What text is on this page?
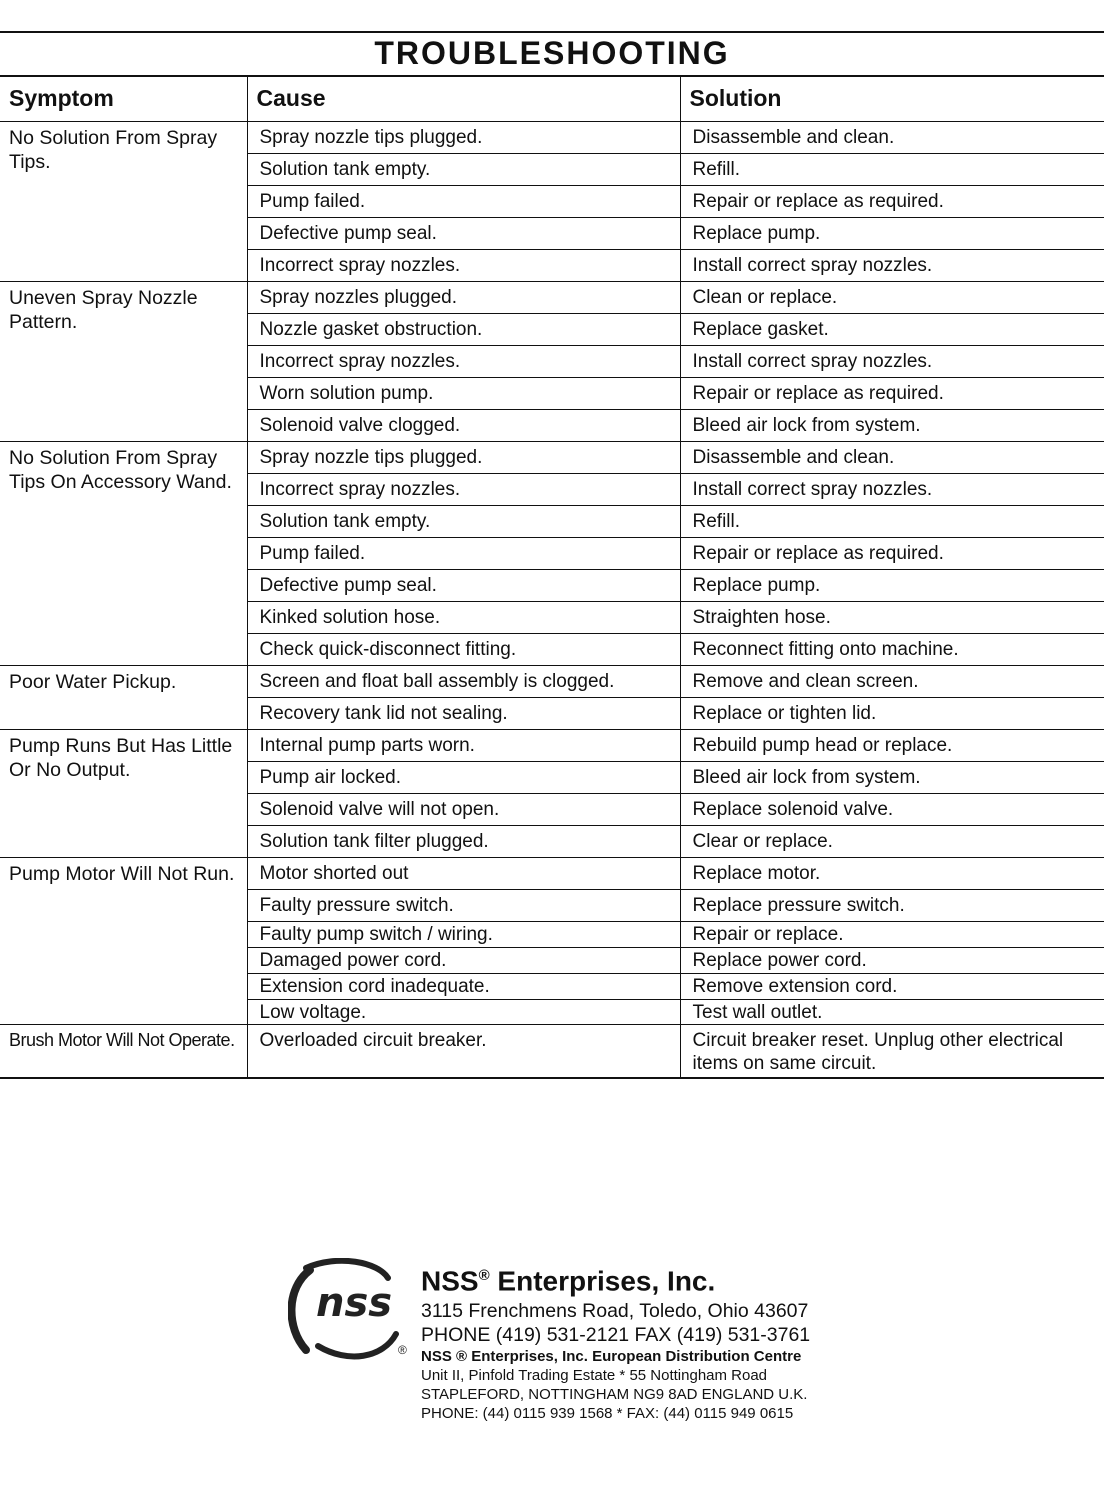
TROUBLESHOOTING
Symptom	Cause	Solution
No Solution From Spray Tips.	Spray nozzle tips plugged.	Disassemble and clean.
	Solution tank empty.	Refill.
	Pump failed.	Repair or replace as required.
	Defective pump seal.	Replace pump.
	Incorrect spray nozzles.	Install correct spray nozzles.
Uneven Spray Nozzle Pattern.	Spray nozzles plugged.	Clean or replace.
	Nozzle gasket obstruction.	Replace gasket.
	Incorrect spray nozzles.	Install correct spray nozzles.
	Worn solution pump.	Repair or replace as required.
	Solenoid valve clogged.	Bleed air lock from system.
No Solution From Spray Tips On Accessory Wand.	Spray nozzle tips plugged.	Disassemble and clean.
	Incorrect spray nozzles.	Install correct spray nozzles.
	Solution tank empty.	Refill.
	Pump failed.	Repair or replace as required.
	Defective pump seal.	Replace pump.
	Kinked solution hose.	Straighten hose.
	Check quick-disconnect fitting.	Reconnect fitting onto machine.
Poor Water Pickup.	Screen and float ball assembly is clogged.	Remove and clean screen.
	Recovery tank lid not sealing.	Replace or tighten lid.
Pump Runs But Has Little Or No Output.	Internal pump parts worn.	Rebuild pump head or replace.
	Pump air locked.	Bleed air lock from system.
	Solenoid valve will not open.	Replace solenoid valve.
	Solution tank filter plugged.	Clear or replace.
Pump Motor Will Not Run.	Motor shorted out	Replace motor.
	Faulty pressure switch.	Replace pressure switch.
	Faulty pump switch / wiring.	Repair or replace.
	Damaged power cord.	Replace power cord.
	Extension cord inadequate.	Remove extension cord.
	Low voltage.	Test wall outlet.
Brush Motor Will Not Operate.	Overloaded circuit breaker.	Circuit breaker reset. Unplug other electrical items on same circuit.
nss
®
NSS® Enterprises, Inc.
3115 Frenchmens Road, Toledo, Ohio 43607
PHONE (419) 531-2121 FAX (419) 531-3761
NSS ® Enterprises, Inc. European Distribution Centre
Unit II, Pinfold Trading Estate * 55 Nottingham Road
STAPLEFORD, NOTTINGHAM NG9 8AD ENGLAND U.K.
PHONE: (44) 0115 939 1568 * FAX: (44) 0115 949 0615
